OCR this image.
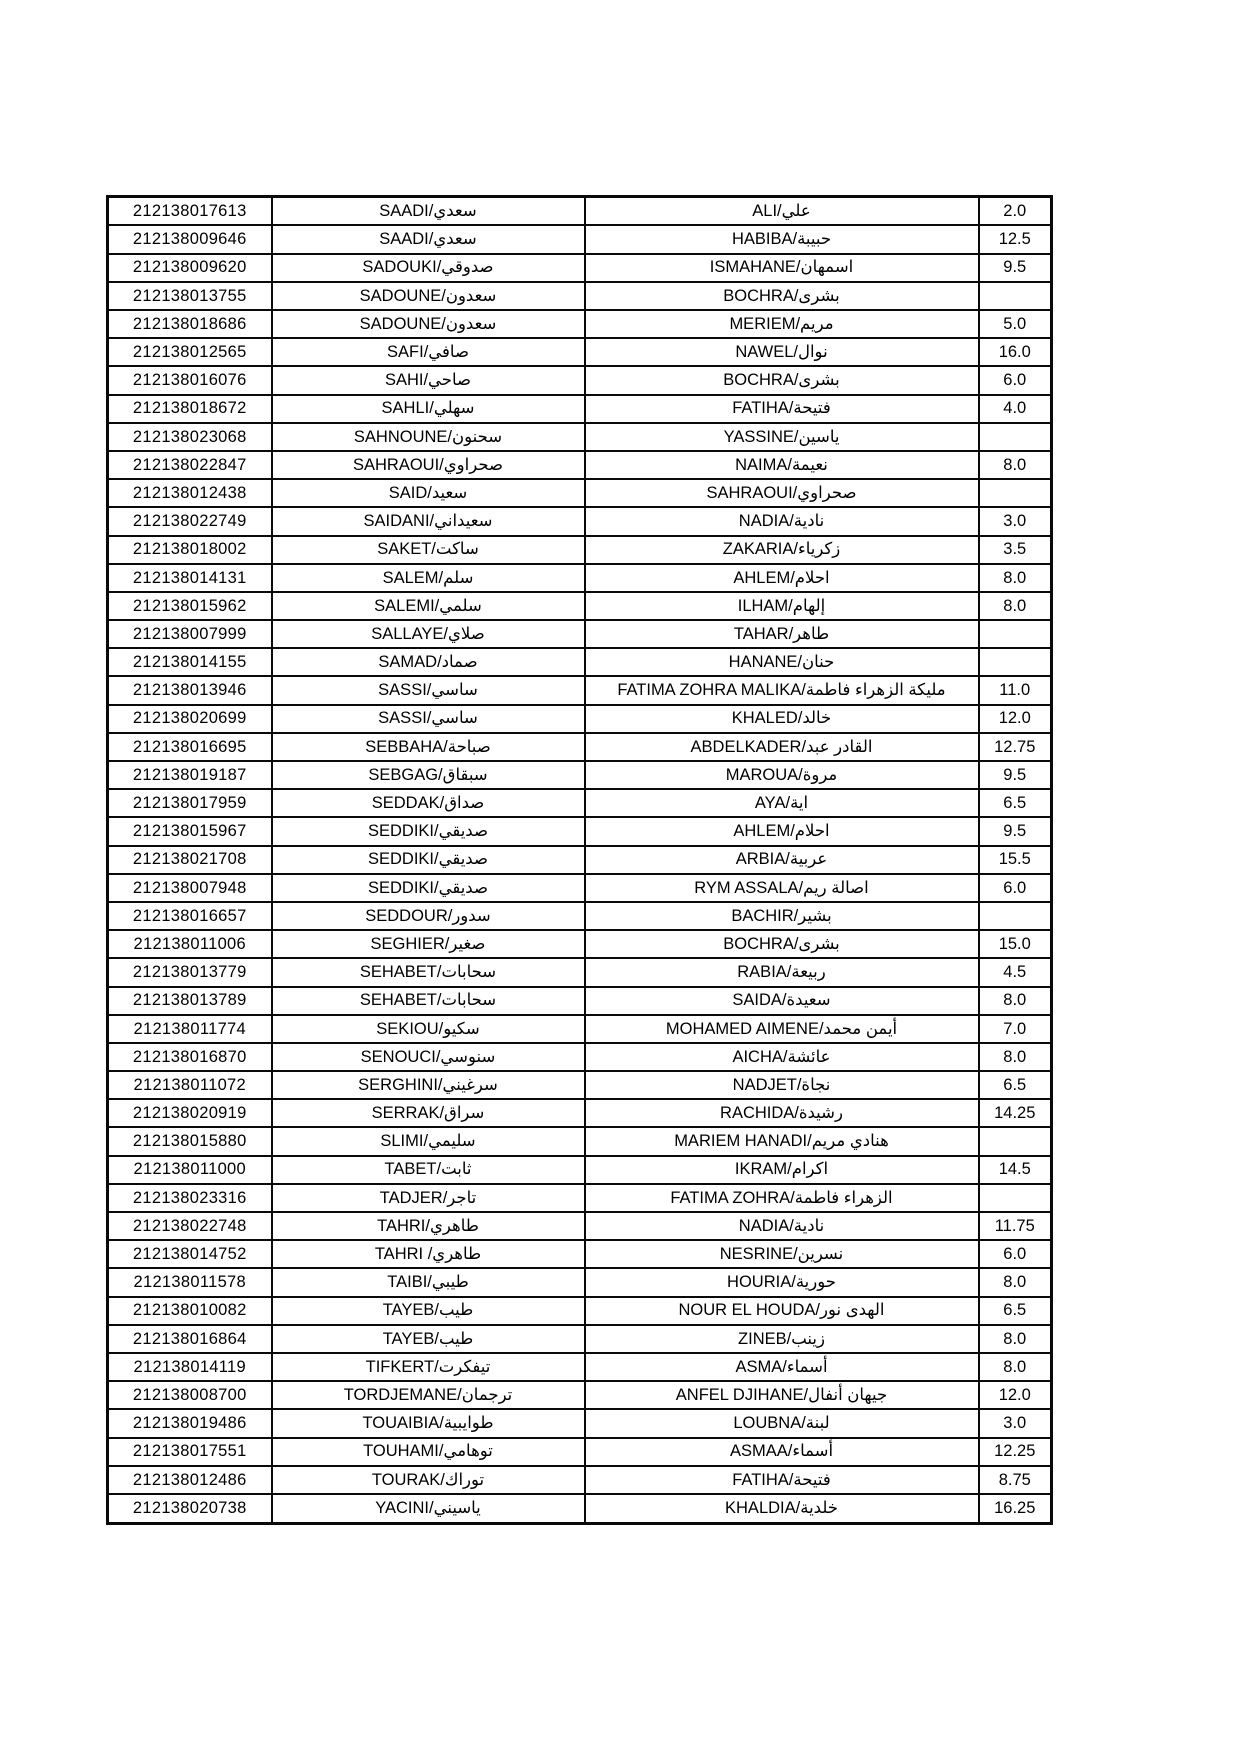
212138017613	SAADI/سعدي	ALI/علي	2.0
212138009646	SAADI/سعدي	HABIBA/حبيبة	12.5
212138009620	SADOUKI/صدوقي	ISMAHANE/اسمهان	9.5
212138013755	SADOUNE/سعدون	BOCHRA/بشرى	
212138018686	SADOUNE/سعدون	MERIEM/مريم	5.0
212138012565	SAFI/صافي	NAWEL/نوال	16.0
212138016076	SAHI/صاحي	BOCHRA/بشرى	6.0
212138018672	SAHLI/سهلي	FATIHA/فتيحة	4.0
212138023068	SAHNOUNE/سحنون	YASSINE/ياسين	
212138022847	SAHRAOUI/صحراوي	NAIMA/نعيمة	8.0
212138012438	SAID/سعيد	SAHRAOUI/صحراوي	
212138022749	SAIDANI/سعيداني	NADIA/نادية	3.0
212138018002	SAKET/ساكت	ZAKARIA/زكرياء	3.5
212138014131	SALEM/سلم	AHLEM/احلام	8.0
212138015962	SALEMI/سلمي	ILHAM/إلهام	8.0
212138007999	SALLAYE/صلاي	TAHAR/طاهر	
212138014155	SAMAD/صماد	HANANE/حنان	
212138013946	SASSI/ساسي	FATIMA ZOHRA MALIKA/فاطمة‎ الزهراء‎ مليكة	11.0
212138020699	SASSI/ساسي	KHALED/خالد	12.0
212138016695	SEBBAHA/صباحة	ABDELKADER/عبد‎ القادر	12.75
212138019187	SEBGAG/سبقاق	MAROUA/مروة	9.5
212138017959	SEDDAK/صداق	AYA/اية	6.5
212138015967	SEDDIKI/صديقي	AHLEM/احلام	9.5
212138021708	SEDDIKI/صديقي	ARBIA/عربية	15.5
212138007948	SEDDIKI/صديقي	RYM ASSALA/ريم‎ اصالة	6.0
212138016657	SEDDOUR/سدور	BACHIR/بشير	
212138011006	SEGHIER/صغير	BOCHRA/بشرى	15.0
212138013779	SEHABET/سحابات	RABIA/ربيعة	4.5
212138013789	SEHABET/سحابات	SAIDA/سعيدة	8.0
212138011774	SEKIOU/سكيو	MOHAMED AIMENE/محمد‎ أيمن	7.0
212138016870	SENOUCI/سنوسي	AICHA/عائشة	8.0
212138011072	SERGHINI/سرغيني	NADJET/نجاة	6.5
212138020919	SERRAK/سراق	RACHIDA/رشيدة	14.25
212138015880	SLIMI/سليمي	MARIEM HANADI/مريم‎ هنادي	
212138011000	TABET/ثابت	IKRAM/اكرام	14.5
212138023316	TADJER/تاجر	FATIMA ZOHRA/فاطمة‎ الزهراء	
212138022748	TAHRI/طاهري	NADIA/نادية	11.75
212138014752	TAHRI /طاهري	NESRINE/نسرين	6.0
212138011578	TAIBI/طيبي	HOURIA/حورية	8.0
212138010082	TAYEB/طيب	NOUR EL HOUDA/نور‎ الهدى	6.5
212138016864	TAYEB/طيب	ZINEB/زينب	8.0
212138014119	TIFKERT/تيفكرت	ASMA/أسماء	8.0
212138008700	TORDJEMANE/ترجمان	ANFEL DJIHANE/أنفال‎ جيهان	12.0
212138019486	TOUAIBIA/طوايبية	LOUBNA/لبنة	3.0
212138017551	TOUHAMI/توهامي	ASMAA/أسماء	12.25
212138012486	TOURAK/توراك	FATIHA/فتيحة	8.75
212138020738	YACINI/ياسيني	KHALDIA/خلدية	16.25
